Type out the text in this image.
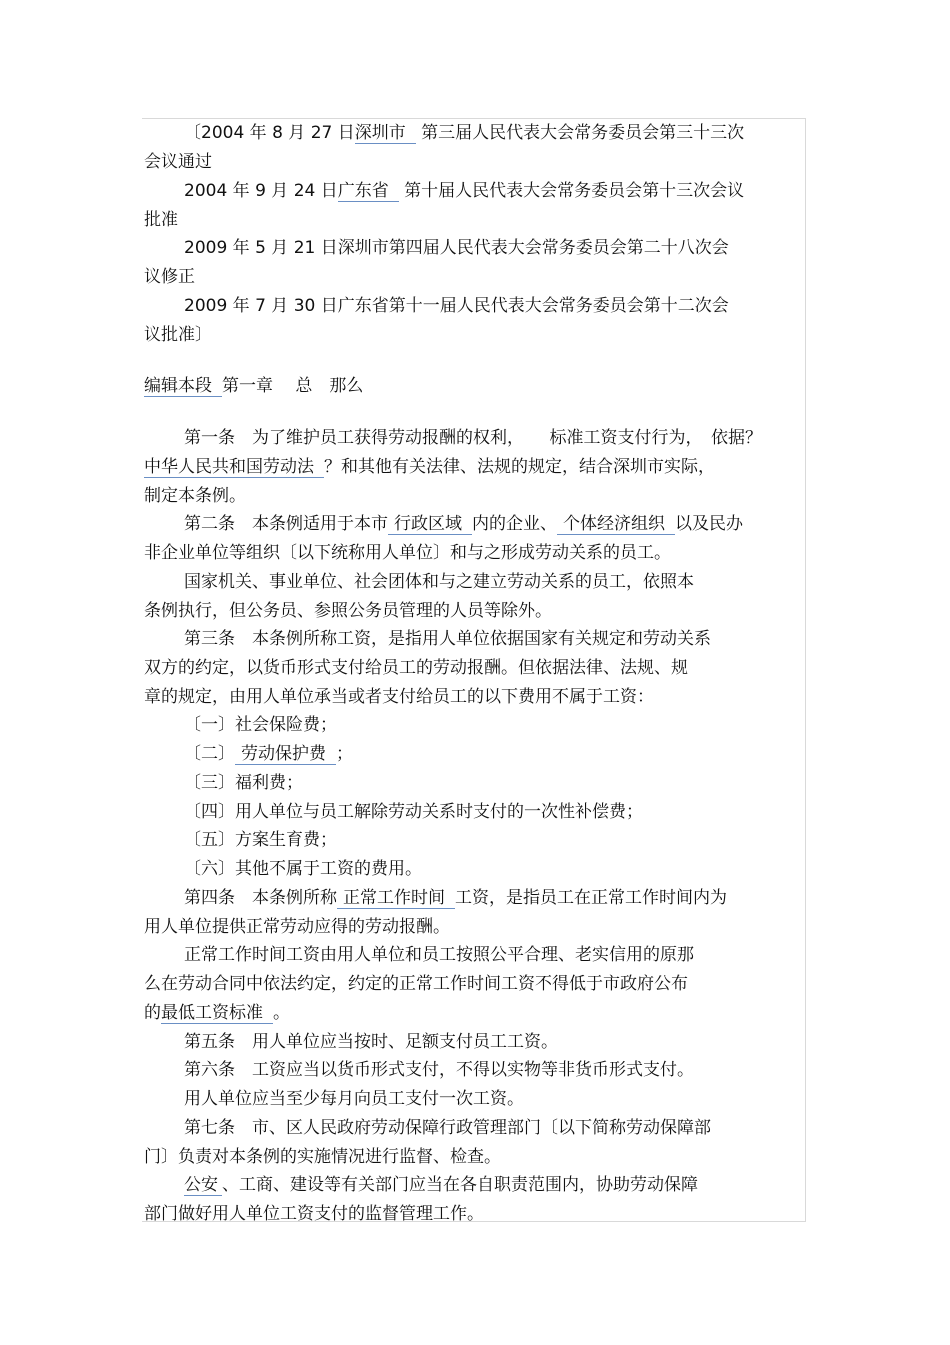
〔2004 年 8 月 27 日深圳市 第三届人民代表大会常务委员会第三十三次
会议通过
2004 年 9 月 24 日广东省 第十届人民代表大会常务委员会第十三次会议
批准
2009 年 5 月 21 日深圳市第四届人民代表大会常务委员会第二十八次会
议修正
2009 年 7 月 30 日广东省第十一届人民代表大会常务委员会第十二次会
议批准〕
编辑本段 第一章　 总　那么
第一条　为了维护员工获得劳动报酬的权利，　　标准工资支付行为，　依据？
中华人民共和国劳动法 ？和其他有关法律、法规的规定，结合深圳市实际，
制定本条例。
第二条　本条例适用于本市 行政区域 内的企业、 个体经济组织 以及民办
非企业单位等组织〔以下统称用人单位〕和与之形成劳动关系的员工。
国家机关、事业单位、社会团体和与之建立劳动关系的员工，依照本
条例执行，但公务员、参照公务员管理的人员等除外。
第三条　本条例所称工资，是指用人单位依据国家有关规定和劳动关系
双方的约定，以货币形式支付给员工的劳动报酬。但依据法律、法规、规
章的规定，由用人单位承当或者支付给员工的以下费用不属于工资：
〔一〕社会保险费；
〔二〕 劳动保护费 ；
〔三〕福利费；
〔四〕用人单位与员工解除劳动关系时支付的一次性补偿费；
〔五〕方案生育费；
〔六〕其他不属于工资的费用。
第四条　本条例所称 正常工作时间 工资，是指员工在正常工作时间内为
用人单位提供正常劳动应得的劳动报酬。
正常工作时间工资由用人单位和员工按照公平合理、老实信用的原那
么在劳动合同中依法约定，约定的正常工作时间工资不得低于市政府公布
的最低工资标准 。
第五条　用人单位应当按时、足额支付员工工资。
第六条　工资应当以货币形式支付，不得以实物等非货币形式支付。
用人单位应当至少每月向员工支付一次工资。
第七条　市、区人民政府劳动保障行政管理部门〔以下简称劳动保障部
门〕负责对本条例的实施情况进行监督、检查。
公安 、工商、建设等有关部门应当在各自职责范围内，协助劳动保障
部门做好用人单位工资支付的监督管理工作。
